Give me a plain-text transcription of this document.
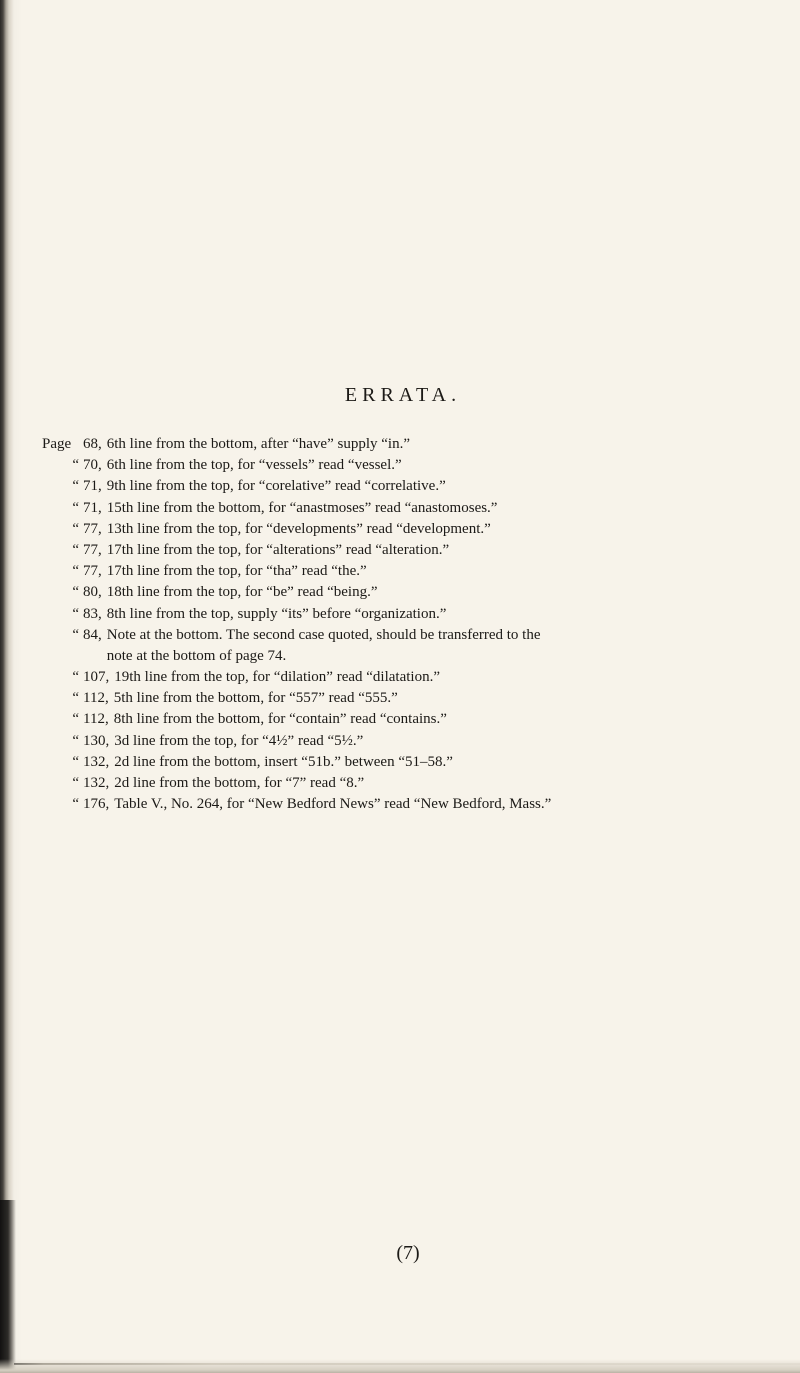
ERRATA.
Page 68, 6th line from the bottom, after “have” supply “in.”
“ 70, 6th line from the top, for “vessels” read “vessel.”
“ 71, 9th line from the top, for “corelative” read “correlative.”
“ 71, 15th line from the bottom, for “anastmoses” read “anastomoses.”
“ 77, 13th line from the top, for “developments” read “development.”
“ 77, 17th line from the top, for “alterations” read “alteration.”
“ 77, 17th line from the top, for “tha” read “the.”
“ 80, 18th line from the top, for “be” read “being.”
“ 83, 8th line from the top, supply “its” before “organization.”
“ 84, Note at the bottom. The second case quoted, should be transferred to the
note at the bottom of page 74.
“ 107, 19th line from the top, for “dilation” read “dilatation.”
“ 112, 5th line from the bottom, for “557” read “555.”
“ 112, 8th line from the bottom, for “contain” read “contains.”
“ 130, 3d line from the top, for “4½” read “5½.”
“ 132, 2d line from the bottom, insert “51b.” between “51–58.”
“ 132, 2d line from the bottom, for “7” read “8.”
“ 176, Table V., No. 264, for “New Bedford News” read “New Bedford, Mass.”
(7)
